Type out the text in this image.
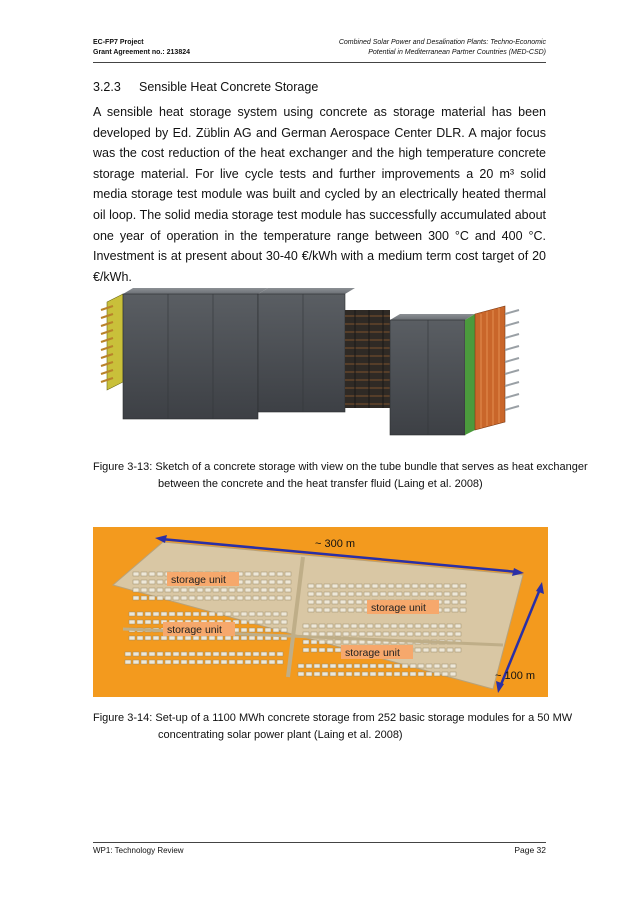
EC-FP7 Project
Grant Agreement no.: 213824
Combined Solar Power and Desalination Plants: Techno-Economic
Potential in Mediterranean Partner Countries (MED-CSD)
3.2.3 Sensible Heat Concrete Storage

A sensible heat storage system using concrete as storage material has been developed by Ed. Züblin AG and German Aerospace Center DLR. A major focus was the cost reduction of the heat exchanger and the high temperature concrete storage material. For live cycle tests and further improvements a 20 m³ solid media storage test module was built and cycled by an electrically heated thermal oil loop. The solid media storage test module has successfully accumulated about one year of operation in the temperature range between 300 °C and 400 °C. Investment is at present about 30-40 €/kWh with a medium term cost target of 20 €/kWh.

Figure 3-13: Sketch of a concrete storage with view on the tube bundle that serves as heat exchanger between the concrete and the heat transfer fluid (Laing et al. 2008)

~ 300 m
~ 100 m
storage unit
storage unit
storage unit
storage unit

Figure 3-14: Set-up of a 1100 MWh concrete storage from 252 basic storage modules for a 50 MW concentrating solar power plant (Laing et al. 2008)

WP1: Technology Review	Page 32
